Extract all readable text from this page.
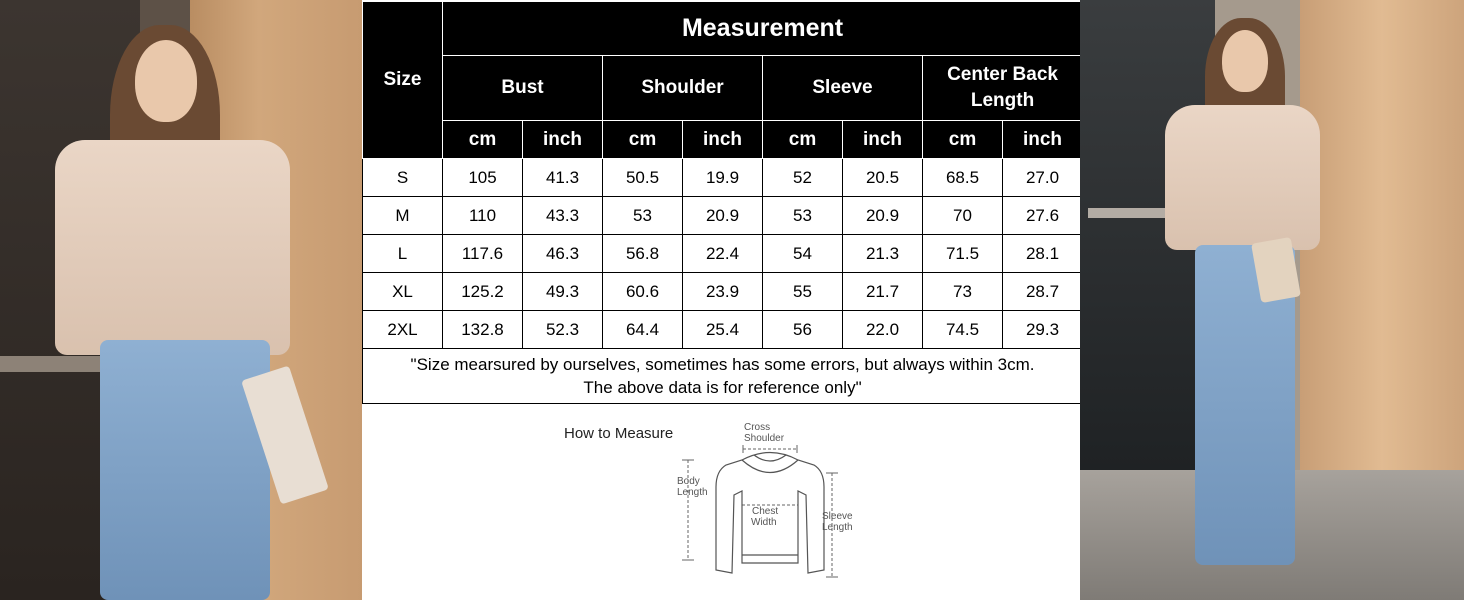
Size	Measurement							
	Bust		Shoulder		Sleeve		Center Back Length	
	cm	inch	cm	inch	cm	inch	cm	inch
S	105	41.3	50.5	19.9	52	20.5	68.5	27.0
M	110	43.3	53	20.9	53	20.9	70	27.6
L	117.6	46.3	56.8	22.4	54	21.3	71.5	28.1
XL	125.2	49.3	60.6	23.9	55	21.7	73	28.7
2XL	132.8	52.3	64.4	25.4	56	22.0	74.5	29.3

"Size mearsured by ourselves, sometimes has some errors, but always within 3cm.
The above data is for reference only"								
How to Measure	Cross
Shoulder
Body
Length
Chest
Width
Sleeve
Length
